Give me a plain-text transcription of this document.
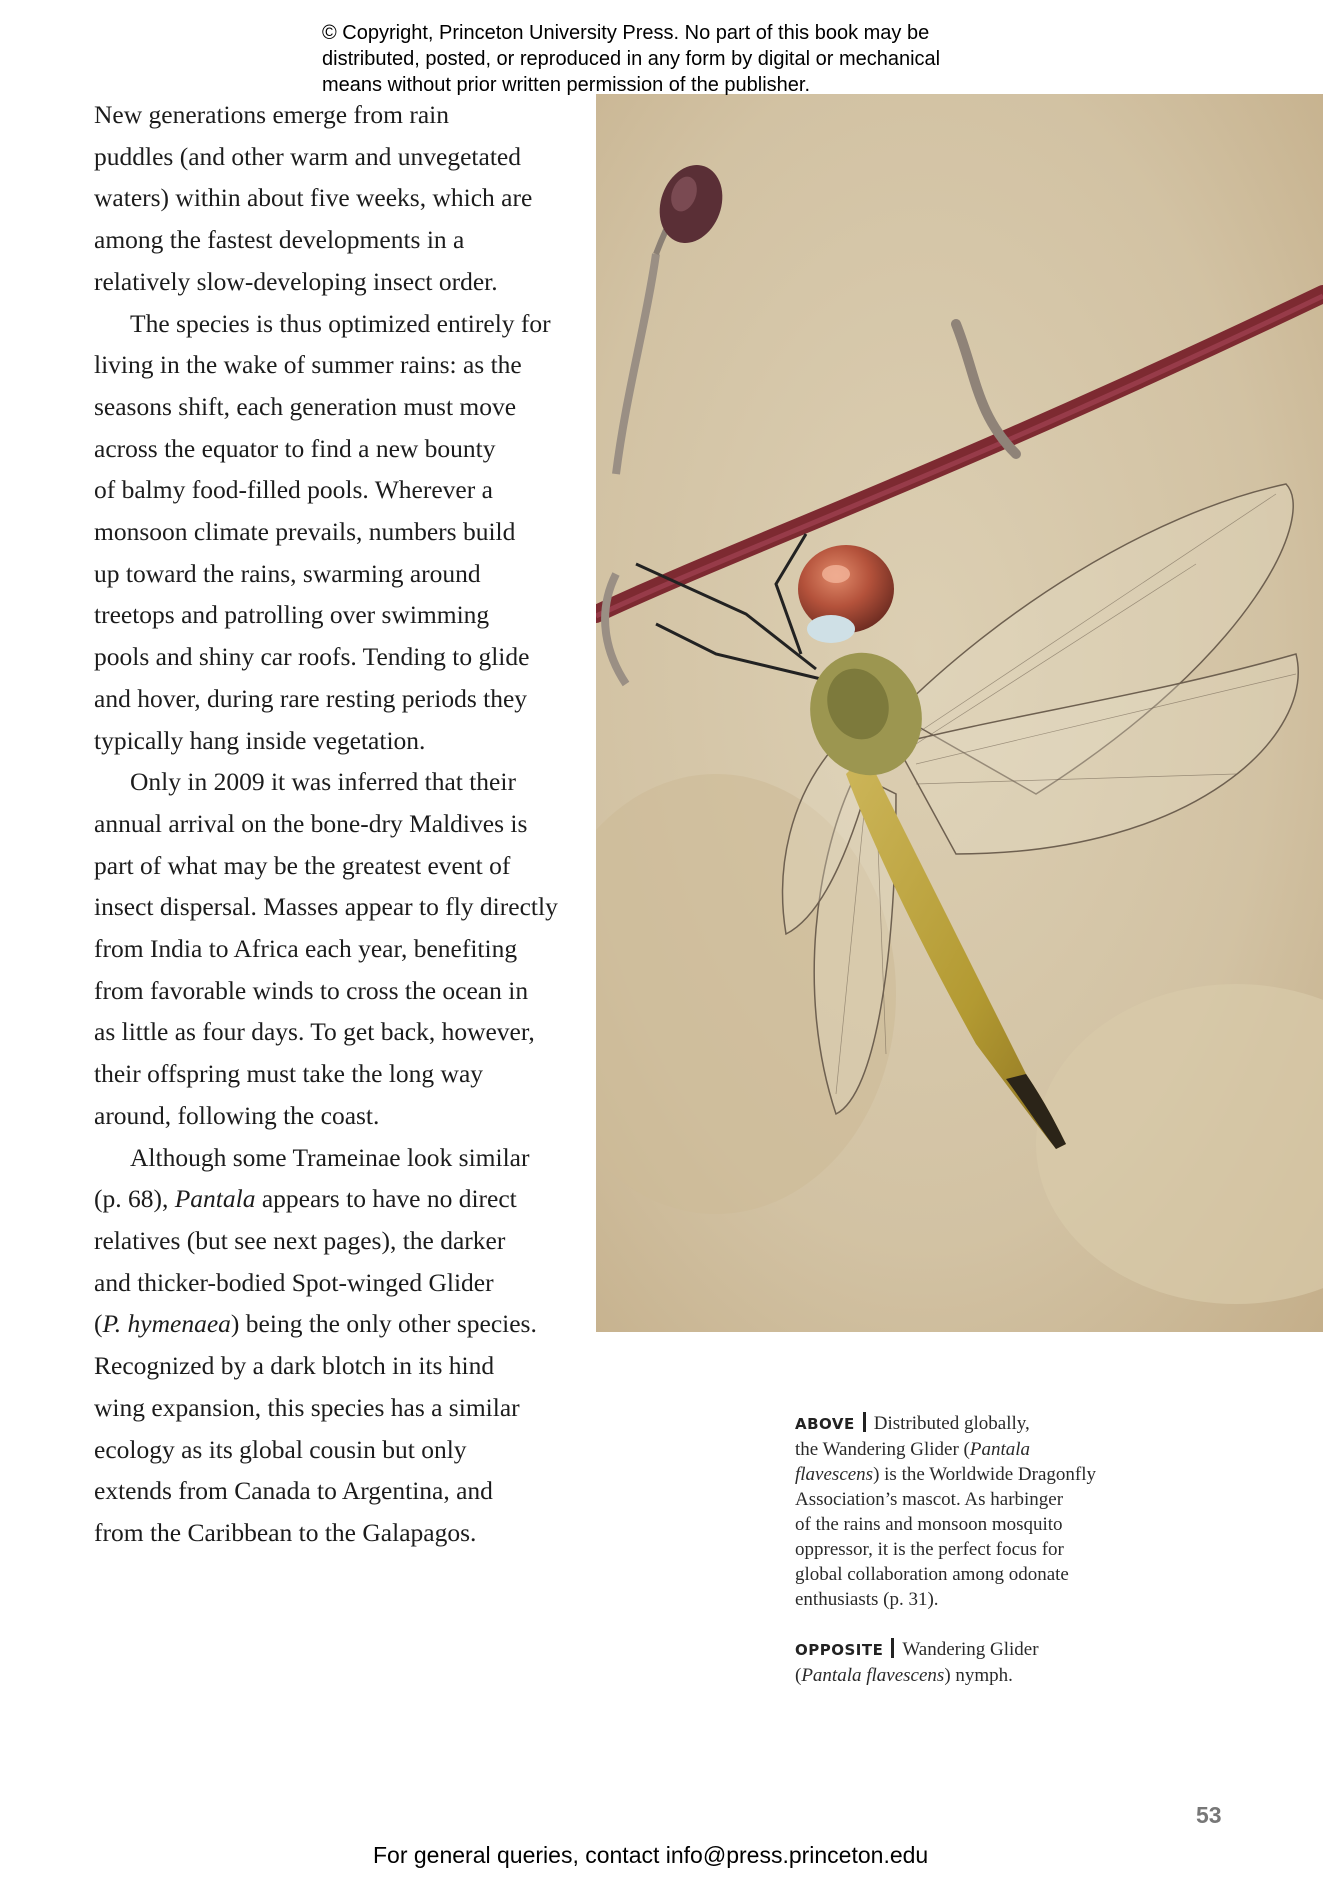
© Copyright, Princeton University Press. No part of this book may be
distributed, posted, or reproduced in any form by digital or mechanical
means without prior written permission of the publisher.
New generations emerge from rain
puddles (and other warm and unvegetated
waters) within about five weeks, which are
among the fastest developments in a
relatively slow-developing insect order.
The species is thus optimized entirely for
living in the wake of summer rains: as the
seasons shift, each generation must move
across the equator to find a new bounty
of balmy food-filled pools. Wherever a
monsoon climate prevails, numbers build
up toward the rains, swarming around
treetops and patrolling over swimming
pools and shiny car roofs. Tending to glide
and hover, during rare resting periods they
typically hang inside vegetation.
Only in 2009 it was inferred that their
annual arrival on the bone-dry Maldives is
part of what may be the greatest event of
insect dispersal. Masses appear to fly directly
from India to Africa each year, benefiting
from favorable winds to cross the ocean in
as little as four days. To get back, however,
their offspring must take the long way
around, following the coast.
Although some Trameinae look similar
(p. 68), Pantala appears to have no direct
relatives (but see next pages), the darker
and thicker-bodied Spot-winged Glider
(P. hymenaea) being the only other species.
Recognized by a dark blotch in its hind
wing expansion, this species has a similar
ecology as its global cousin but only
extends from Canada to Argentina, and
from the Caribbean to the Galapagos.
ABOVE Distributed globally,
the Wandering Glider (Pantala
flavescens) is the Worldwide Dragonfly
Association’s mascot. As harbinger
of the rains and monsoon mosquito
oppressor, it is the perfect focus for
global collaboration among odonate
enthusiasts (p. 31).
OPPOSITE Wandering Glider
(Pantala flavescens) nymph.
53
For general queries, contact info@press.princeton.edu
